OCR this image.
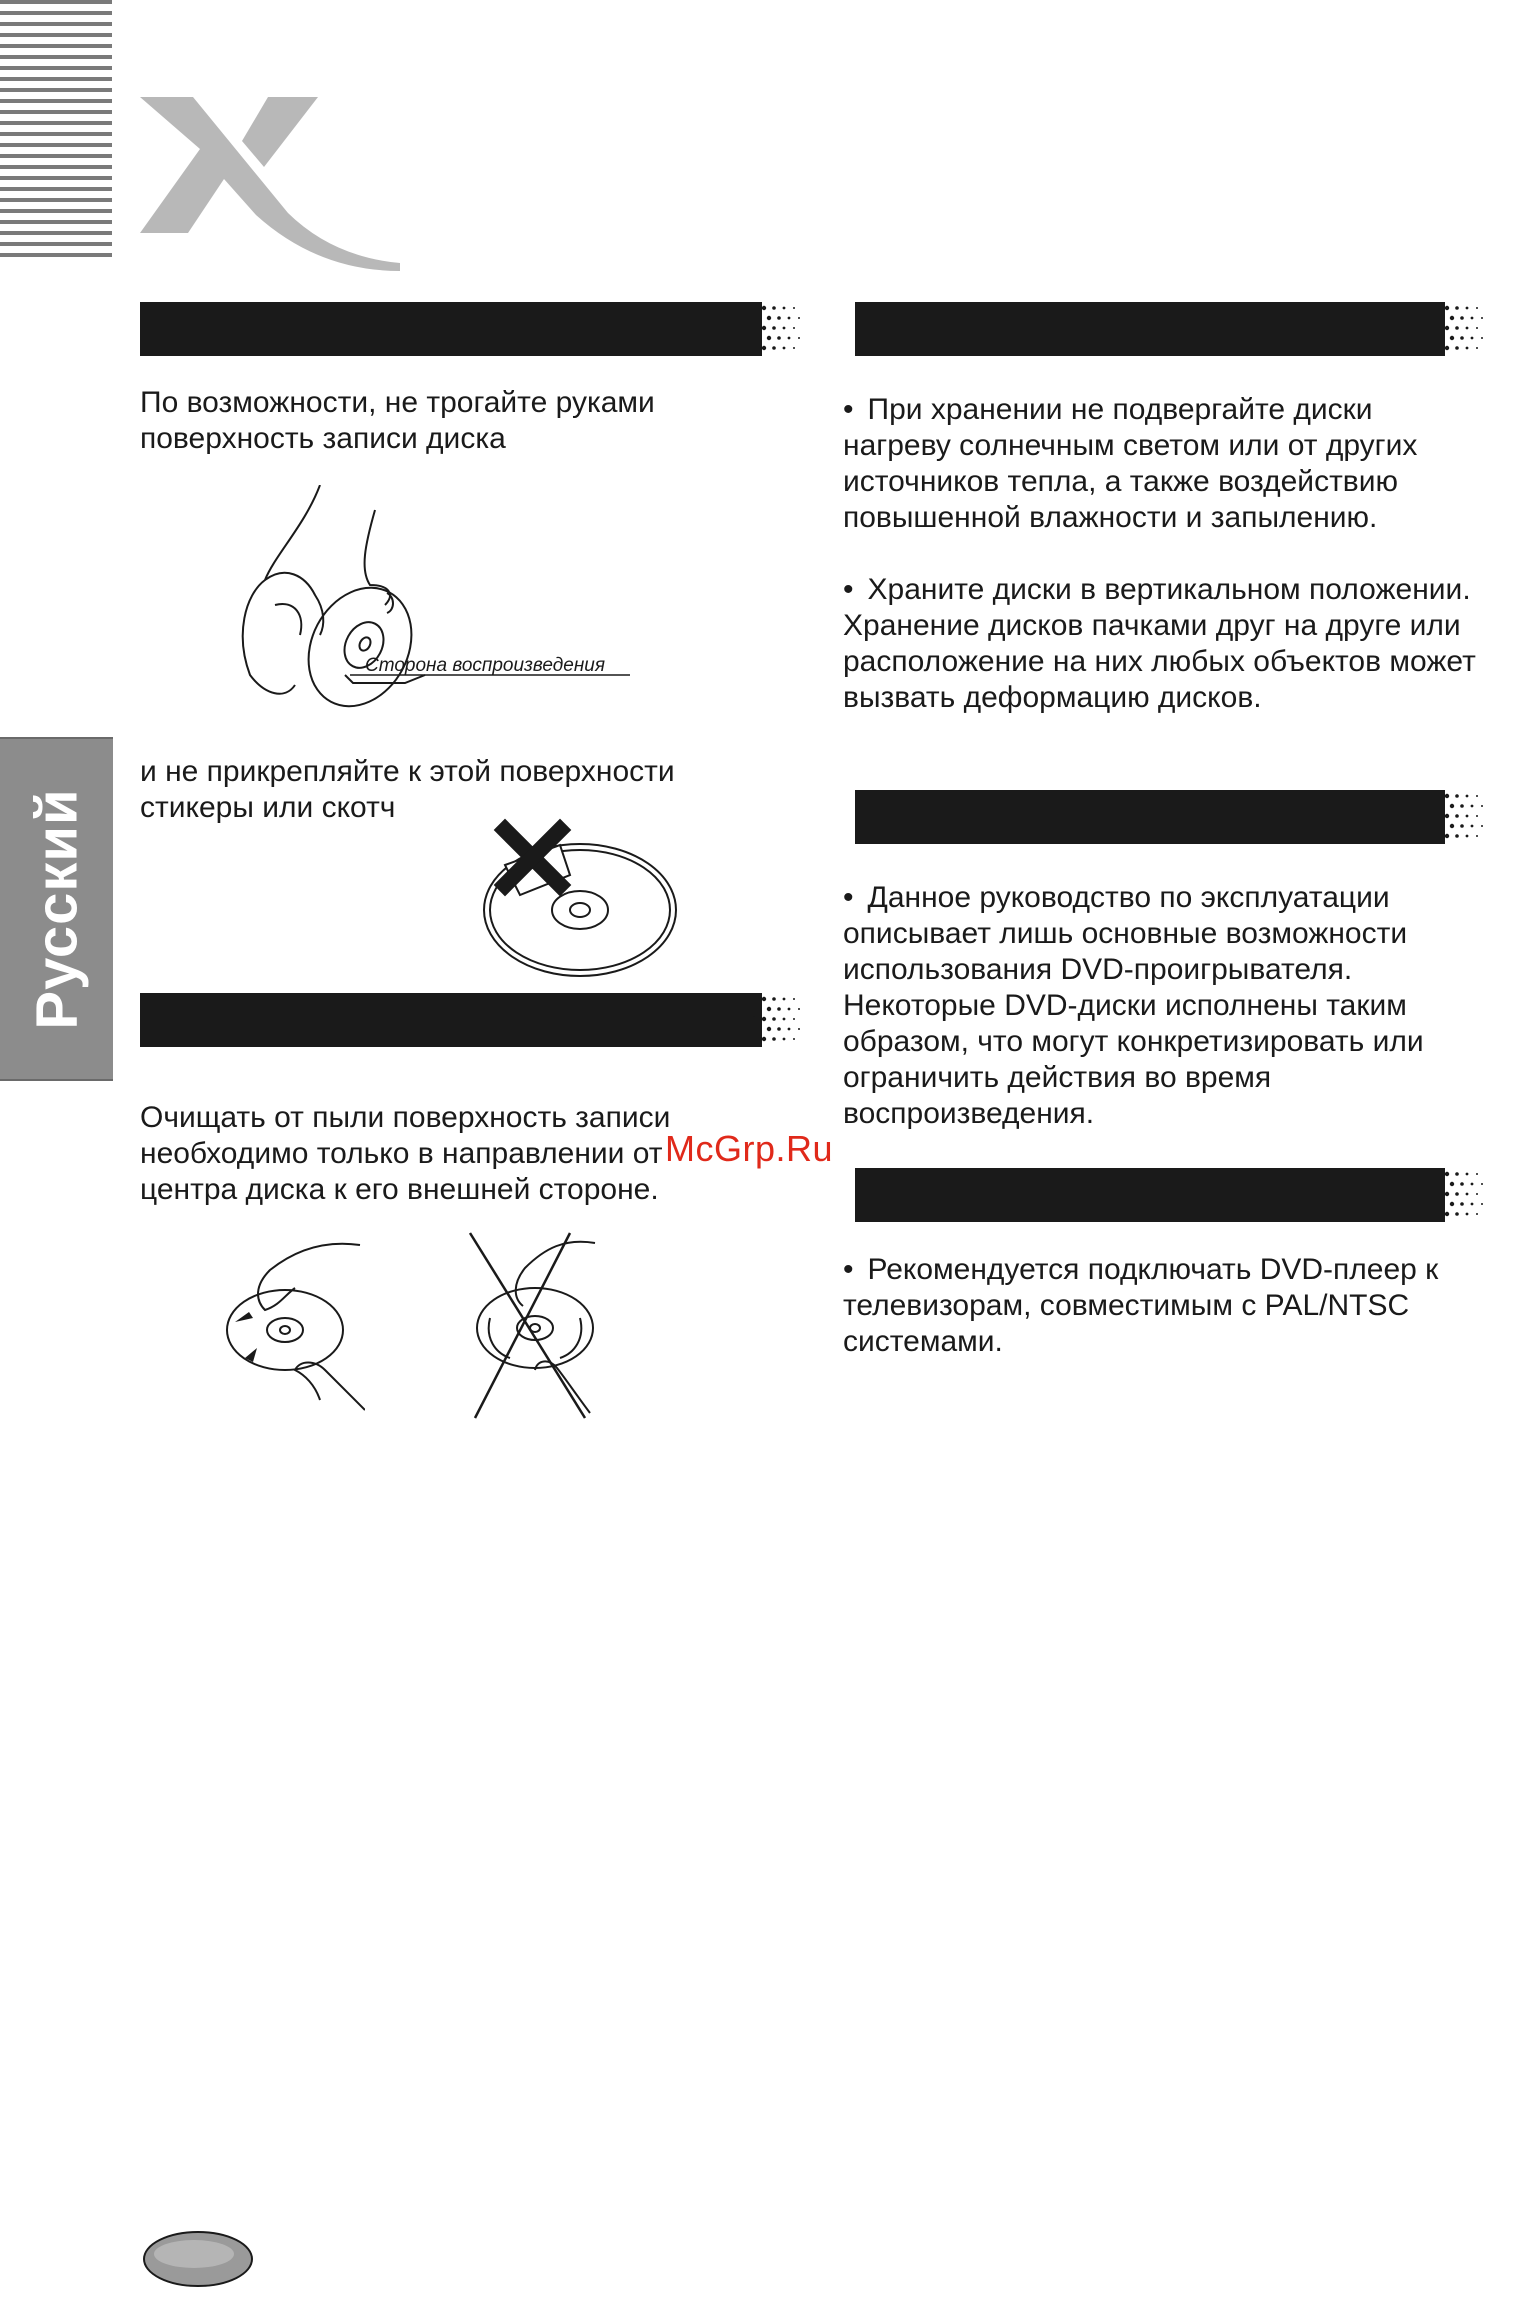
Русский

По возможности, не трогайте руками поверхность записи диска

Сторона воспроизведения

и не прикрепляйте к этой поверхности стикеры или скотч

Очищать от пыли поверхность записи необходимо только в направлении от центра диска к его внешней стороне.

• При хранении не подвергайте диски нагреву солнечным светом или от других источников тепла, а также воздействию повышенной влажности и запылению.

• Храните диски в вертикальном положении. Хранение дисков пачками друг на друге или расположение на них любых объектов может вызвать деформацию дисков.

• Данное руководство по эксплуатации описывает лишь основные возможности использования DVD-проигрывателя. Некоторые DVD-диски исполнены таким образом, что могут конкретизировать или ограничить действия во время воспроизведения.

• Рекомендуется подключать DVD-плеер к телевизорам, совместимым с PAL/NTSC системами.

McGrp.Ru
